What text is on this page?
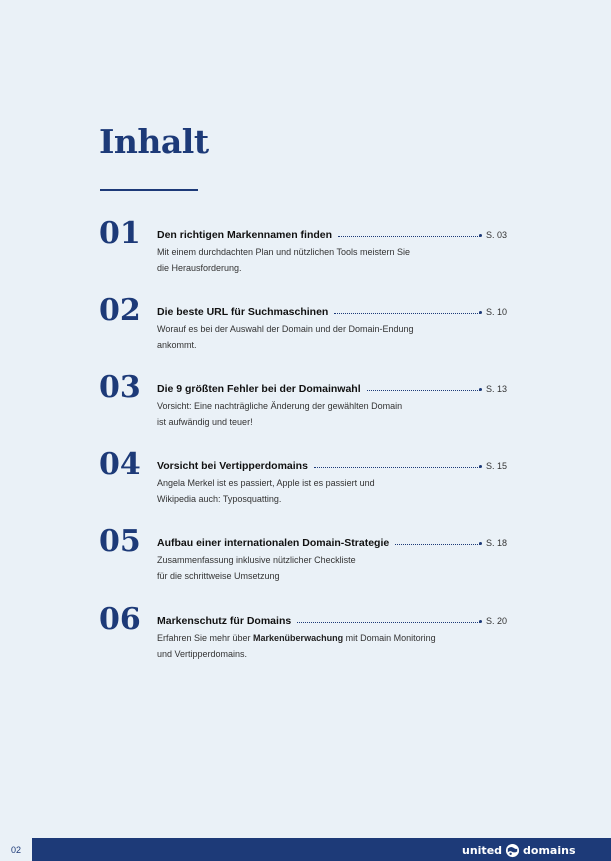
Inhalt
01 Den richtigen Markennamen finden	S. 03

Mit einem durchdachten Plan und nützlichen Tools meistern Sie
die Herausforderung.

02 Die beste URL für Suchmaschinen	S. 10

Worauf es bei der Auswahl der Domain und der Domain-Endung
ankommt.

03 Die 9 größten Fehler bei der Domainwahl	S. 13

Vorsicht: Eine nachträgliche Änderung der gewählten Domain
ist aufwändig und teuer!

04 Vorsicht bei Vertipperdomains	S. 15

Angela Merkel ist es passiert, Apple ist es passiert und
Wikipedia auch: Typosquatting.

05 Aufbau einer internationalen Domain-Strategie	S. 18

Zusammenfassung inklusive nützlicher Checkliste
für die schrittweise Umsetzung

06 Markenschutz für Domains	S. 20

Erfahren Sie mehr über Markenüberwachung mit Domain Monitoring
und Vertipperdomains.

02	united domains
